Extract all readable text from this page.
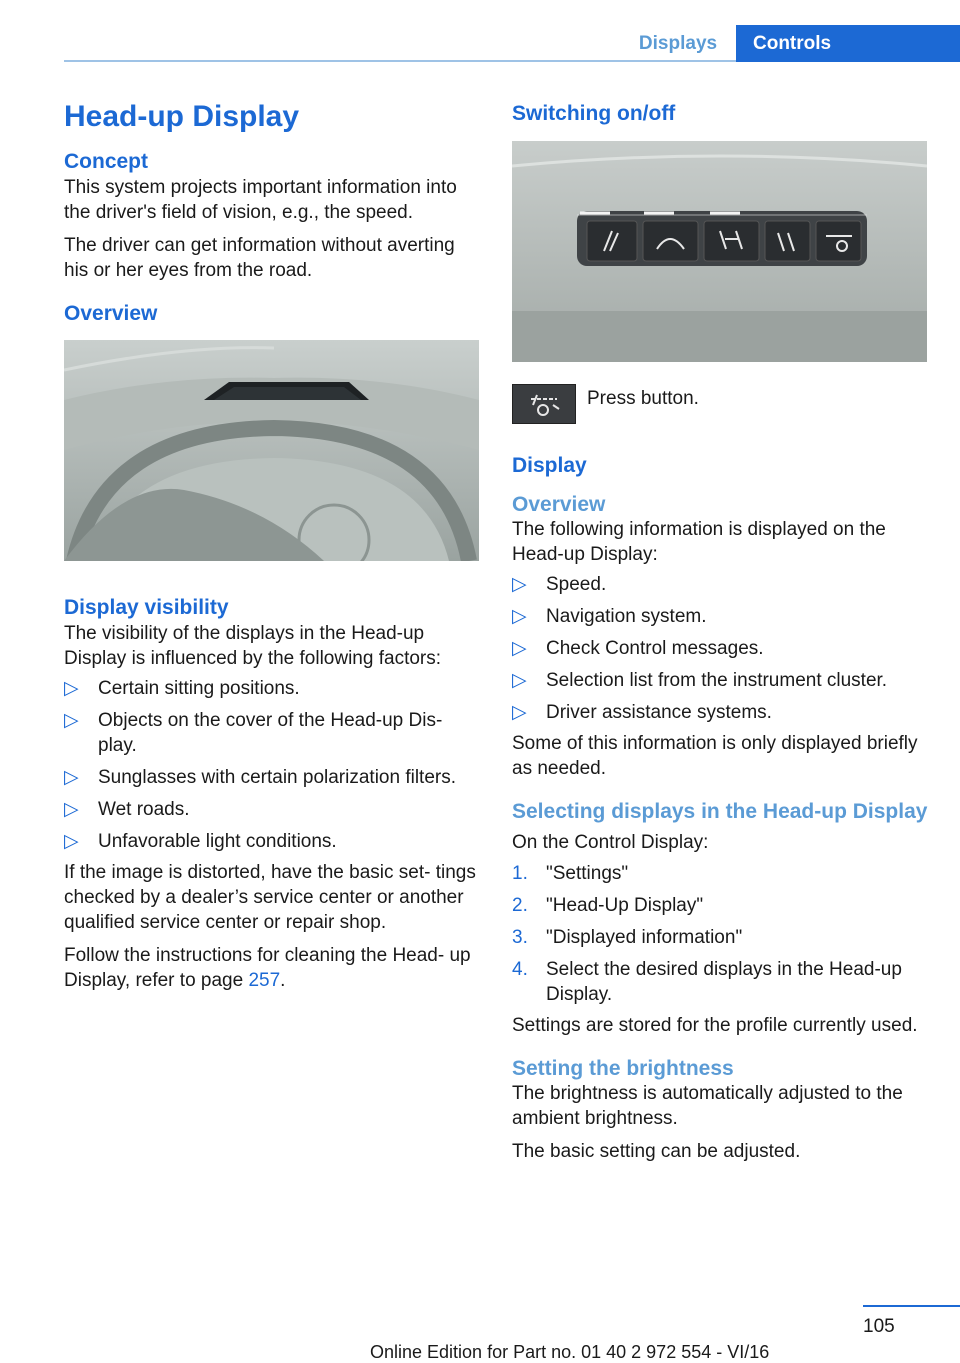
Displays	Controls
Head-up Display
Concept

This system projects important information into the driver's field of vision, e.g., the speed.

The driver can get information without averting his or her eyes from the road.

Overview
Display visibility

The visibility of the displays in the Head-up Display is influenced by the following factors:

▷ Certain sitting positions.
▷ Objects on the cover of the Head-up Dis‐ play.
▷ Sunglasses with certain polarization filters.
▷ Wet roads.
▷ Unfavorable light conditions.

If the image is distorted, have the basic set‐ tings checked by a dealer’s service center or another qualified service center or repair shop.

Follow the instructions for cleaning the Head- up Display, refer to page 257.

Switching on/off
Press button.
Display
Overview

The following information is displayed on the Head-up Display:

▷ Speed.
▷ Navigation system.
▷ Check Control messages.
▷ Selection list from the instrument cluster.
▷ Driver assistance systems.

Some of this information is only displayed briefly as needed.

Selecting displays in the Head-up Display

On the Control Display:

1. "Settings"
2. "Head-Up Display"
3. "Displayed information"
4. Select the desired displays in the Head-up Display.

Settings are stored for the profile currently used.

Setting the brightness

The brightness is automatically adjusted to the ambient brightness.

The basic setting can be adjusted.

105
Online Edition for Part no. 01 40 2 972 554 - VI/16
